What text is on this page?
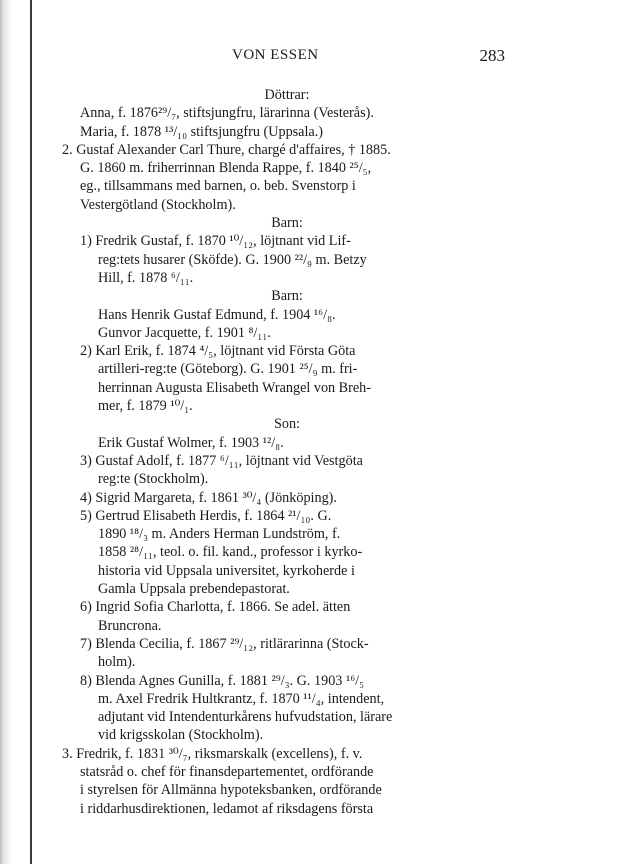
VON ESSEN	283
Döttrar:
Anna, f. 1876²⁹/₇, stiftsjungfru, lärarinna (Vesterås).
Maria, f. 1878 ¹³/₁₀ stiftsjungfru (Uppsala.)
2. Gustaf Alexander Carl Thure, chargé d'affaires, † 1885.
G. 1860 m. friherrinnan Blenda Rappe, f. 1840 ²⁵/₅,
eg., tillsammans med barnen, o. beb. Svenstorp i
Vestergötland (Stockholm).
Barn:
1) Fredrik Gustaf, f. 1870 ¹⁰/₁₂, löjtnant vid Lif-
reg:tets husarer (Sköfde). G. 1900 ²²/₉ m. Betzy
Hill, f. 1878 ⁶/₁₁.
Barn:
Hans Henrik Gustaf Edmund, f. 1904 ¹⁶/₈.
Gunvor Jacquette, f. 1901 ⁸/₁₁.
2) Karl Erik, f. 1874 ⁴/₅, löjtnant vid Första Göta
artilleri-reg:te (Göteborg). G. 1901 ²⁵/₉ m. fri-
herrinnan Augusta Elisabeth Wrangel von Breh-
mer, f. 1879 ¹⁰/₁.
Son:
Erik Gustaf Wolmer, f. 1903 ¹²/₈.
3) Gustaf Adolf, f. 1877 ⁶/₁₁, löjtnant vid Vestgöta
reg:te (Stockholm).
4) Sigrid Margareta, f. 1861 ³⁰/₄ (Jönköping).
5) Gertrud Elisabeth Herdis, f. 1864 ²¹/₁₀. G.
1890 ¹⁸/₃ m. Anders Herman Lundström, f.
1858 ²⁸/₁₁, teol. o. fil. kand., professor i kyrko-
historia vid Uppsala universitet, kyrkoherde i
Gamla Uppsala prebendepastorat.
6) Ingrid Sofia Charlotta, f. 1866. Se adel. ätten
Bruncrona.
7) Blenda Cecilia, f. 1867 ²⁹/₁₂, ritlärarinna (Stock-
holm).
8) Blenda Agnes Gunilla, f. 1881 ²⁹/₃. G. 1903 ¹⁶/₅
m. Axel Fredrik Hultkrantz, f. 1870 ¹¹/₄, intendent,
adjutant vid Intendenturkårens hufvudstation, lärare
vid krigsskolan (Stockholm).
3. Fredrik, f. 1831 ³⁰/₇, riksmarskalk (excellens), f. v.
statsråd o. chef för finansdepartementet, ordförande
i styrelsen för Allmänna hypoteksbanken, ordförande
i riddarhusdirektionen, ledamot af riksdagens första
